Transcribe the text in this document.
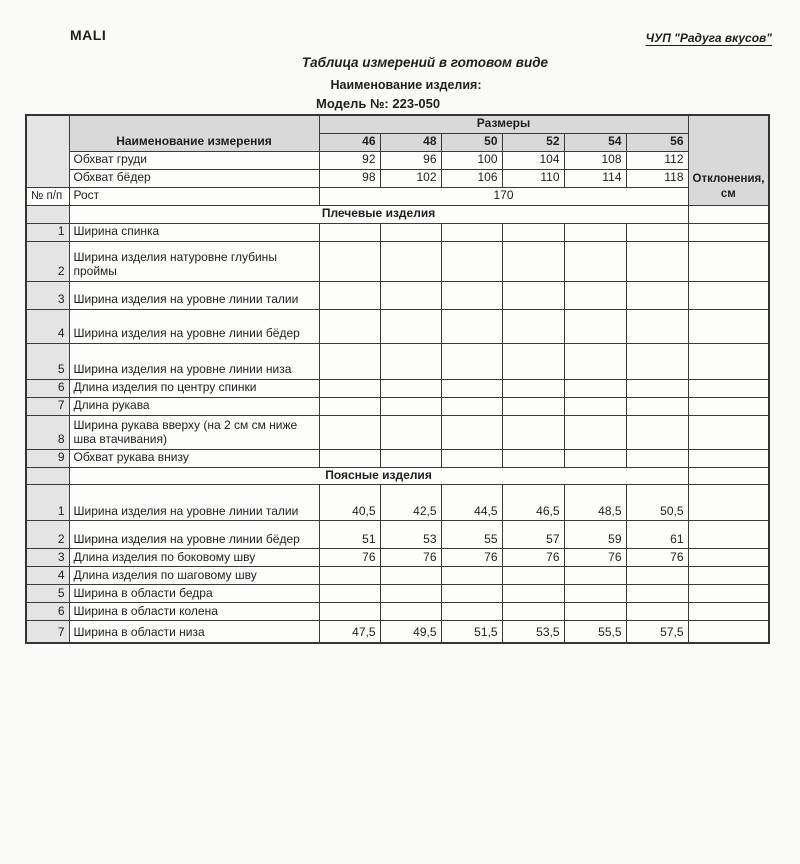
MALI	ЧУП "Радуга вкусов"
Таблица измерений в готовом виде
Наименование изделия:
Модель №: 223-050
	Наименование измерения	Размеры						Отклонения, см
		46	48	50	52	54	56	
	Обхват груди	92	96	100	104	108	112	
	Обхват бёдер	98	102	106	110	114	118	
№ п/п	Рост	170						
	Плечевые изделия							
1	Ширина спинка							
2	Ширина изделия натуровне глубины проймы							
3	Ширина изделия на уровне линии талии							
4	Ширина изделия на уровне линии бёдер							
5	Ширина изделия на уровне линии низа							
6	Длина изделия по центру спинки							
7	Длина рукава							
8	Ширина рукава вверху (на 2 см см ниже шва втачивания)							
9	Обхват рукава внизу							
	Поясные изделия							
1	Ширина изделия на уровне линии талии	40,5	42,5	44,5	46,5	48,5	50,5	
2	Ширина изделия на уровне линии бёдер	51	53	55	57	59	61	
3	Длина изделия по боковому шву	76	76	76	76	76	76	
4	Длина изделия по шаговому шву							
5	Ширина в области бедра							
6	Ширина в области колена							
7	Ширина в области низа	47,5	49,5	51,5	53,5	55,5	57,5	
